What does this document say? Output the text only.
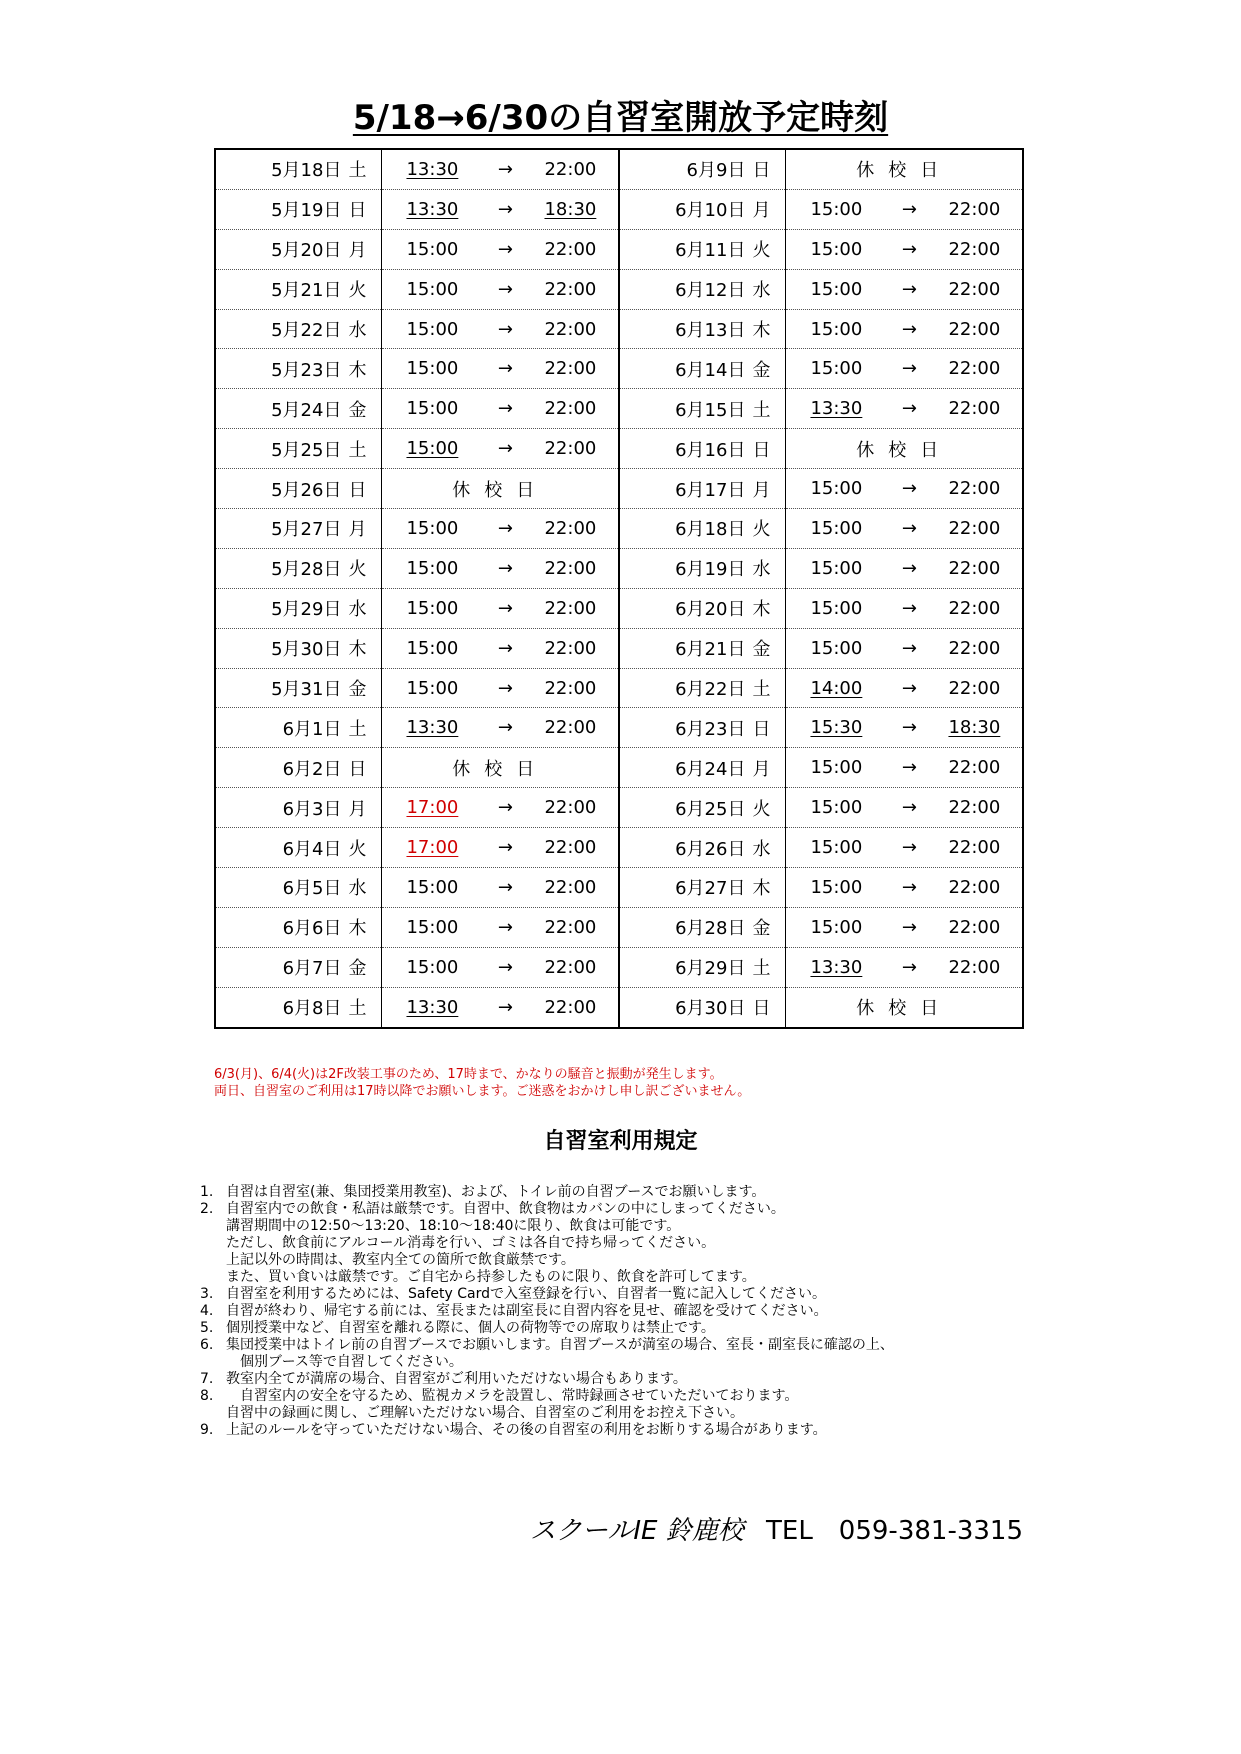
5/18→6/30の自習室開放予定時刻
5月18日 土	13:30 → 22:00	6月9日 日	休校日
5月19日 日	13:30 → 18:30	6月10日 月	15:00 → 22:00

5月20日 月	15:00 → 22:00	6月11日 火	15:00 → 22:00

5月21日 火	15:00 → 22:00	6月12日 水	15:00 → 22:00

5月22日 水	15:00 → 22:00	6月13日 木	15:00 → 22:00

5月23日 木	15:00 → 22:00	6月14日 金	15:00 → 22:00

5月24日 金	15:00 → 22:00	6月15日 土	13:30 → 22:00

5月25日 土	15:00 → 22:00	6月16日 日	休校日
5月26日 日	休校日	6月17日 月	15:00 → 22:00

5月27日 月	15:00 → 22:00	6月18日 火	15:00 → 22:00

5月28日 火	15:00 → 22:00	6月19日 水	15:00 → 22:00

5月29日 水	15:00 → 22:00	6月20日 木	15:00 → 22:00

5月30日 木	15:00 → 22:00	6月21日 金	15:00 → 22:00

5月31日 金	15:00 → 22:00	6月22日 土	14:00 → 22:00

6月1日 土	13:30 → 22:00	6月23日 日	15:30 → 18:30

6月2日 日	休校日	6月24日 月	15:00 → 22:00

6月3日 月	17:00 → 22:00	6月25日 火	15:00 → 22:00

6月4日 火	17:00 → 22:00	6月26日 水	15:00 → 22:00

6月5日 水	15:00 → 22:00	6月27日 木	15:00 → 22:00

6月6日 木	15:00 → 22:00	6月28日 金	15:00 → 22:00

6月7日 金	15:00 → 22:00	6月29日 土	13:30 → 22:00

6月8日 土	13:30 → 22:00	6月30日 日	休校日
6/3(月)、6/4(火)は2F改装工事のため、17時まで、かなりの騒音と振動が発生します。
両日、自習室のご利用は17時以降でお願いします。ご迷惑をおかけし申し訳ございません。
自習室利用規定
1. 自習は自習室(兼、集団授業用教室)、および、トイレ前の自習ブースでお願いします。
2. 自習室内での飲食・私語は厳禁です。自習中、飲食物はカバンの中にしまってください。
講習期間中の12:50～13:20、18:10～18:40に限り、飲食は可能です。
ただし、飲食前にアルコール消毒を行い、ゴミは各自で持ち帰ってください。
上記以外の時間は、教室内全ての箇所で飲食厳禁です。
また、買い食いは厳禁です。ご自宅から持参したものに限り、飲食を許可してます。
3. 自習室を利用するためには、Safety Cardで入室登録を行い、自習者一覧に記入してください。
4. 自習が終わり、帰宅する前には、室長または副室長に自習内容を見せ、確認を受けてください。
5. 個別授業中など、自習室を離れる際に、個人の荷物等での席取りは禁止です。
6. 集団授業中はトイレ前の自習ブースでお願いします。自習ブースが満室の場合、室長・副室長に確認の上、
　個別ブース等で自習してください。
7. 教室内全てが満席の場合、自習室がご利用いただけない場合もあります。
8. 　自習室内の安全を守るため、監視カメラを設置し、常時録画させていただいております。
自習中の録画に関し、ご理解いただけない場合、自習室のご利用をお控え下さい。
9. 上記のルールを守っていただけない場合、その後の自習室の利用をお断りする場合があります。
スクールIE 鈴鹿校 TEL　059-381-3315
